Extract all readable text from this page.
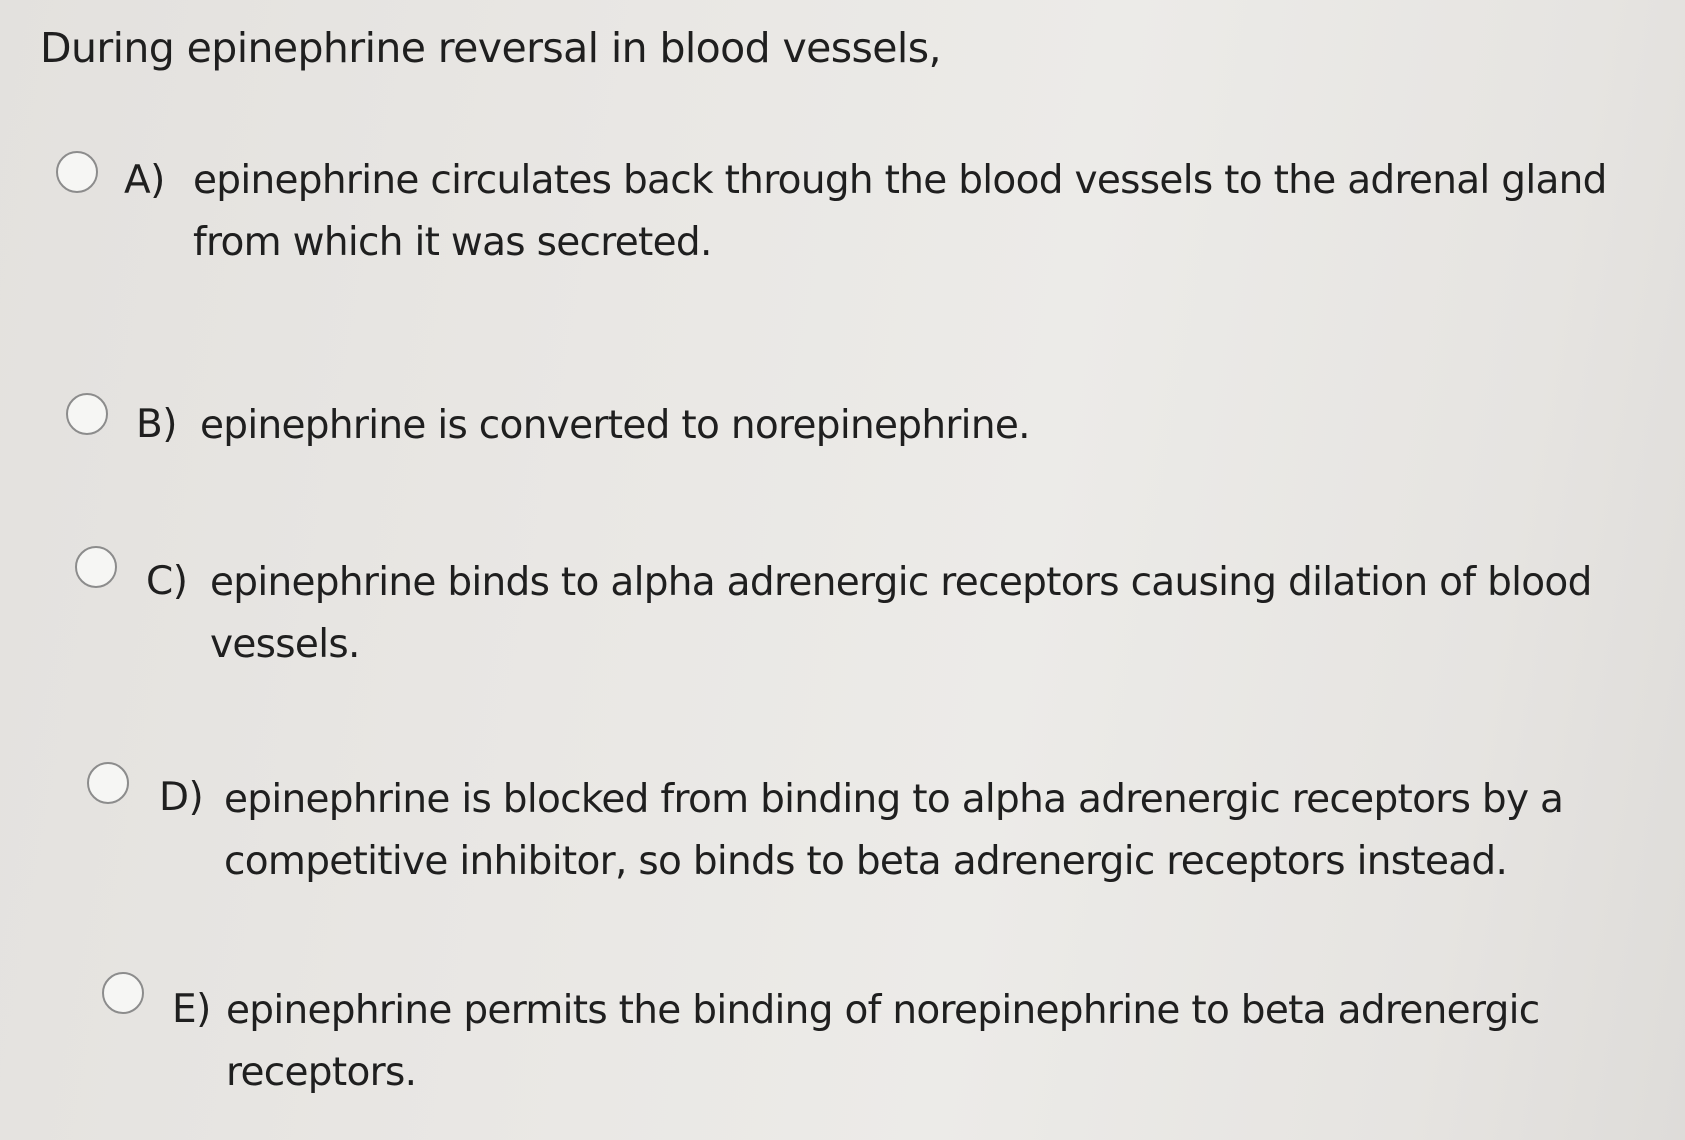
During epinephrine reversal in blood vessels,
A) epinephrine circulates back through the blood vessels to the adrenal gland
from which it was secreted.
B) epinephrine is converted to norepinephrine.
C) epinephrine binds to alpha adrenergic receptors causing dilation of blood
vessels.
D) epinephrine is blocked from binding to alpha adrenergic receptors by a
competitive inhibitor, so binds to beta adrenergic receptors instead.
E) epinephrine permits the binding of norepinephrine to beta adrenergic
receptors.
